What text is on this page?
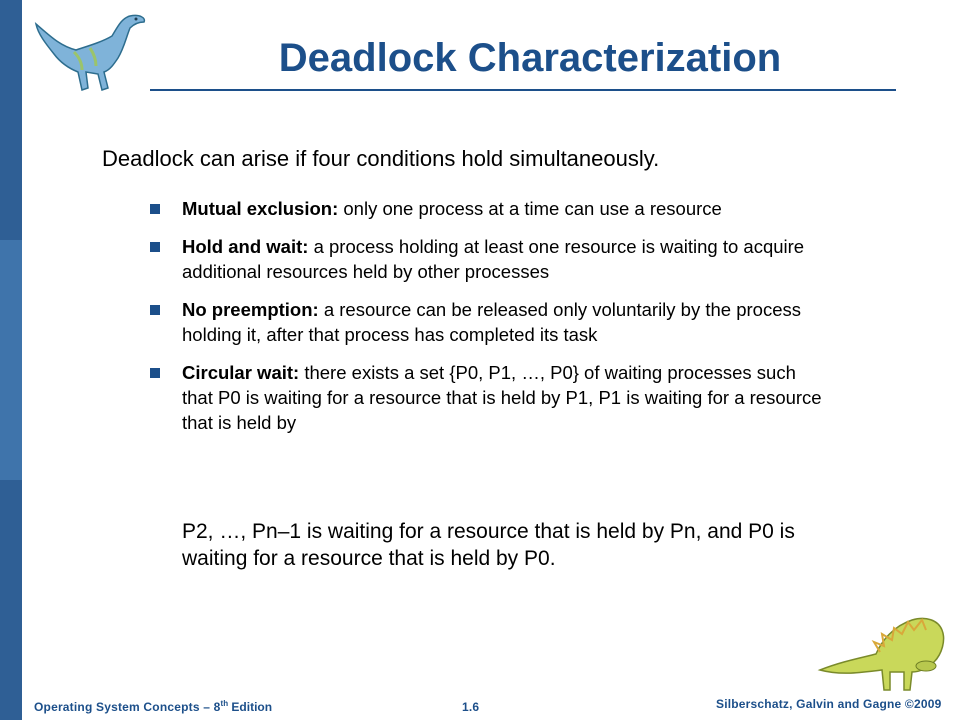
Deadlock Characterization

Deadlock can arise if four conditions hold simultaneously.

Mutual exclusion: only one process at a time can use a resource
Hold and wait: a process holding at least one resource is waiting to acquire additional resources held by other processes
No preemption: a resource can be released only voluntarily by the process holding it, after that process has completed its task
Circular wait: there exists a set {P0, P1, …, P0} of waiting processes such that P0 is waiting for a resource that is held by P1, P1 is waiting for a resource that is held by

P2, …, Pn–1 is waiting for a resource that is held by Pn, and P0 is waiting for a resource that is held by P0.

Operating System Concepts – 8th Edition	1.6	Silberschatz, Galvin and Gagne ©2009
